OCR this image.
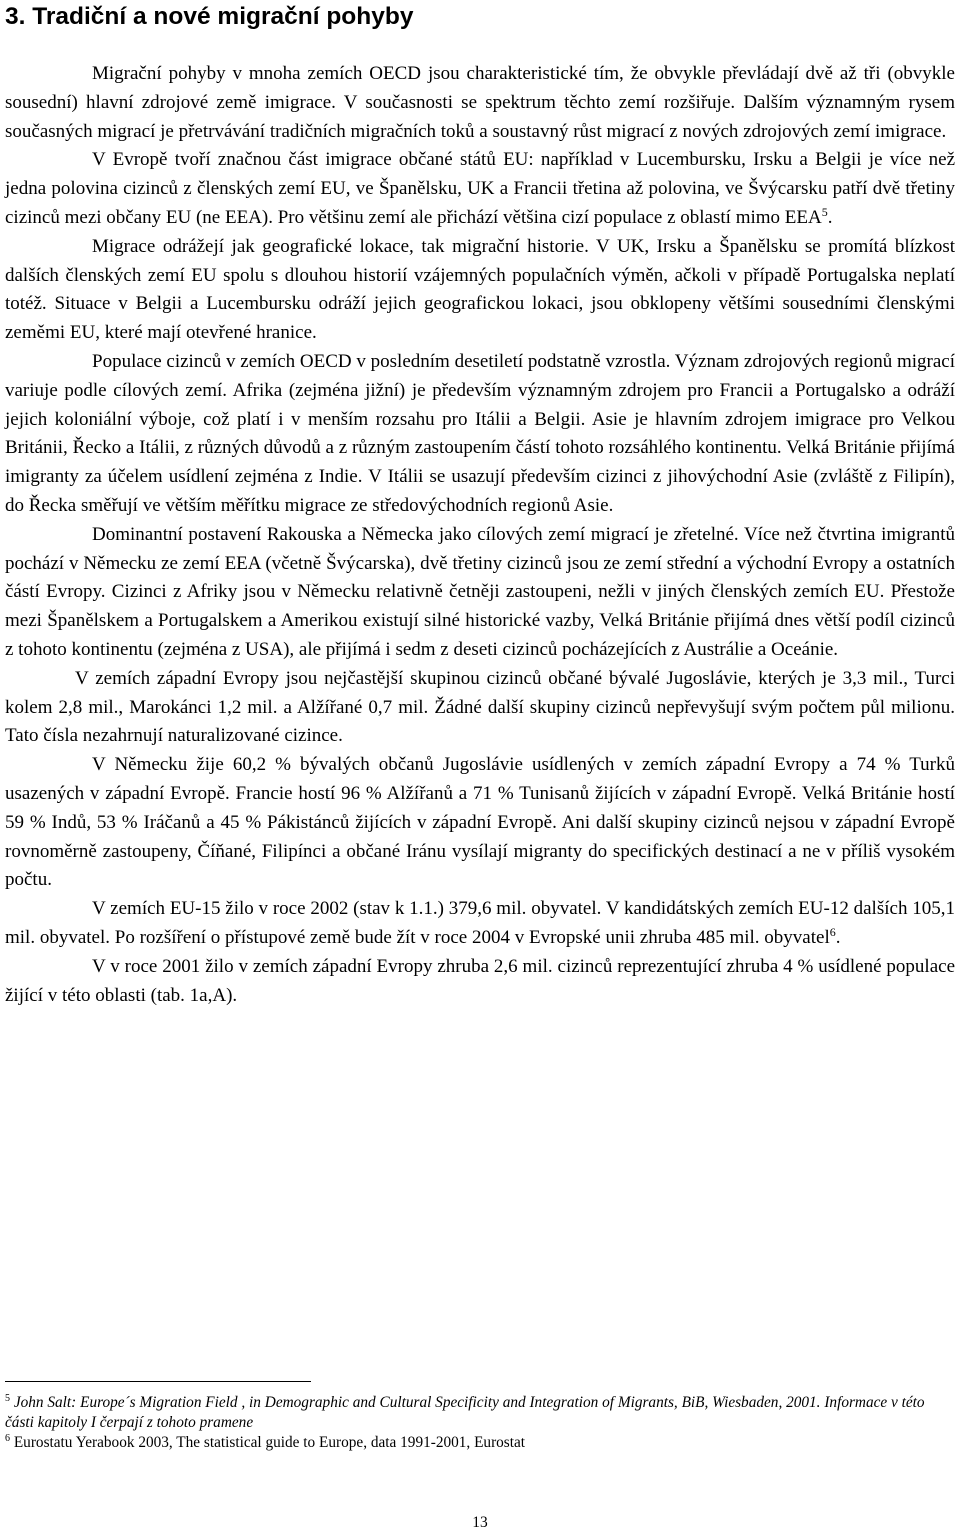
3. Tradiční a nové migrační pohyby

Migrační pohyby v mnoha zemích OECD jsou charakteristické tím, že obvykle převládají dvě až tři (obvykle sousední) hlavní zdrojové země imigrace. V současnosti se spektrum těchto zemí rozšiřuje. Dalším významným rysem současných migrací je přetrvávání tradičních migračních toků a soustavný růst migrací z nových zdrojových zemí imigrace.

V Evropě tvoří značnou část imigrace občané států EU: například v Lucembursku, Irsku a Belgii je více než jedna polovina cizinců z členských zemí EU, ve Španělsku, UK a Francii třetina až polovina, ve Švýcarsku patří dvě třetiny cizinců mezi občany EU (ne EEA). Pro většinu zemí ale přichází většina cizí populace z oblastí mimo EEA$^5$.

Migrace odrážejí jak geografické lokace, tak migrační historie. V UK, Irsku a Španělsku se promítá blízkost dalších členských zemí EU spolu s dlouhou historií vzájemných populačních výměn, ačkoli v případě Portugalska neplatí totéž. Situace v Belgii a Lucembursku odráží jejich geografickou lokaci, jsou obklopeny většími sousedními členskými zeměmi EU, které mají otevřené hranice.

Populace cizinců v zemích OECD v posledním desetiletí podstatně vzrostla. Význam zdrojových regionů migrací variuje podle cílových zemí. Afrika (zejména jižní) je především významným zdrojem pro Francii a Portugalsko a odráží jejich koloniální výboje, což platí i v menším rozsahu pro Itálii a Belgii. Asie je hlavním zdrojem imigrace pro Velkou Británii, Řecko a Itálii, z různých důvodů a z různým zastoupením částí tohoto rozsáhlého kontinentu. Velká Británie přijímá imigranty za účelem usídlení zejména z Indie. V Itálii se usazují především cizinci z jihovýchodní Asie (zvláště z Filipín), do Řecka směřují ve větším měřítku migrace ze středovýchodních regionů Asie.

Dominantní postavení Rakouska a Německa jako cílových zemí migrací je zřetelné. Více než čtvrtina imigrantů pochází v Německu ze zemí EEA (včetně Švýcarska), dvě třetiny cizinců jsou ze zemí střední a východní Evropy a ostatních částí Evropy. Cizinci z Afriky jsou v Německu relativně četněji zastoupeni, nežli v jiných členských zemích EU. Přestože mezi Španělskem a Portugalskem a Amerikou existují silné historické vazby, Velká Británie přijímá dnes větší podíl cizinců z tohoto kontinentu (zejména z USA), ale přijímá i sedm z deseti cizinců pocházejících z Austrálie a Oceánie.

V zemích západní Evropy jsou nejčastější skupinou cizinců občané bývalé Jugoslávie, kterých je 3,3 mil., Turci kolem 2,8 mil., Marokánci 1,2 mil. a Alžířané 0,7 mil. Žádné další skupiny cizinců nepřevyšují svým počtem půl milionu. Tato čísla nezahrnují naturalizované cizince.

V Německu žije 60,2 % bývalých občanů Jugoslávie usídlených v zemích západní Evropy a 74 % Turků usazených v západní Evropě. Francie hostí 96 % Alžířanů a 71 % Tunisanů žijících v západní Evropě. Velká Británie hostí 59 % Indů, 53 % Iráčanů a 45 % Pákistánců žijících v západní Evropě. Ani další skupiny cizinců nejsou v západní Evropě rovnoměrně zastoupeny, Číňané, Filipínci a občané Iránu vysílají migranty do specifických destinací a ne v příliš vysokém počtu.

V zemích EU-15 žilo v roce 2002 (stav k 1.1.) 379,6 mil. obyvatel. V kandidátských zemích EU-12 dalších 105,1 mil. obyvatel. Po rozšíření o přístupové země bude žít v roce 2004 v Evropské unii zhruba 485 mil. obyvatel$^6$.

V v roce 2001 žilo v zemích západní Evropy zhruba 2,6 mil. cizinců reprezentující zhruba 4 % usídlené populace žijící v této oblasti (tab. 1a,A).

$^5$ John Salt: Europe´s Migration Field , in Demographic and Cultural Specificity and Integration of Migrants, BiB, Wiesbaden, 2001. Informace v této části kapitoly I čerpají z tohoto pramene

$^6$ Eurostatu Yerabook 2003, The statistical guide to Europe, data 1991-2001, Eurostat

13
